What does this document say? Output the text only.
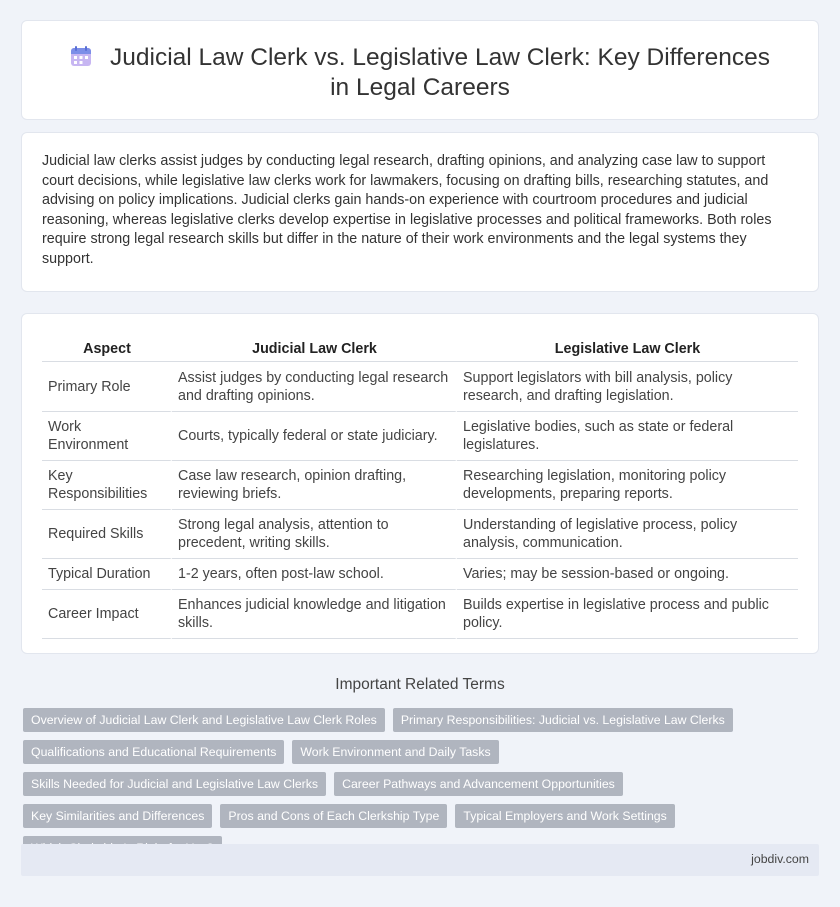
Judicial Law Clerk vs. Legislative Law Clerk: Key Differences in Legal Careers
Judicial law clerks assist judges by conducting legal research, drafting opinions, and analyzing case law to support court decisions, while legislative law clerks work for lawmakers, focusing on drafting bills, researching statutes, and advising on policy implications. Judicial clerks gain hands-on experience with courtroom procedures and judicial reasoning, whereas legislative clerks develop expertise in legislative processes and political frameworks. Both roles require strong legal research skills but differ in the nature of their work environments and the legal systems they support.
Aspect	Judicial Law Clerk	Legislative Law Clerk
Primary Role	Assist judges by conducting legal research and drafting opinions.	Support legislators with bill analysis, policy research, and drafting legislation.
Work Environment	Courts, typically federal or state judiciary.	Legislative bodies, such as state or federal legislatures.
Key Responsibilities	Case law research, opinion drafting, reviewing briefs.	Researching legislation, monitoring policy developments, preparing reports.
Required Skills	Strong legal analysis, attention to precedent, writing skills.	Understanding of legislative process, policy analysis, communication.
Typical Duration	1-2 years, often post-law school.	Varies; may be session-based or ongoing.
Career Impact	Enhances judicial knowledge and litigation skills.	Builds expertise in legislative process and public policy.
Important Related Terms
Overview of Judicial Law Clerk and Legislative Law Clerk Roles	Primary Responsibilities: Judicial vs. Legislative Law Clerks
Qualifications and Educational Requirements	Work Environment and Daily Tasks
Skills Needed for Judicial and Legislative Law Clerks	Career Pathways and Advancement Opportunities
Key Similarities and Differences	Pros and Cons of Each Clerkship Type	Typical Employers and Work Settings
jobdiv.com
